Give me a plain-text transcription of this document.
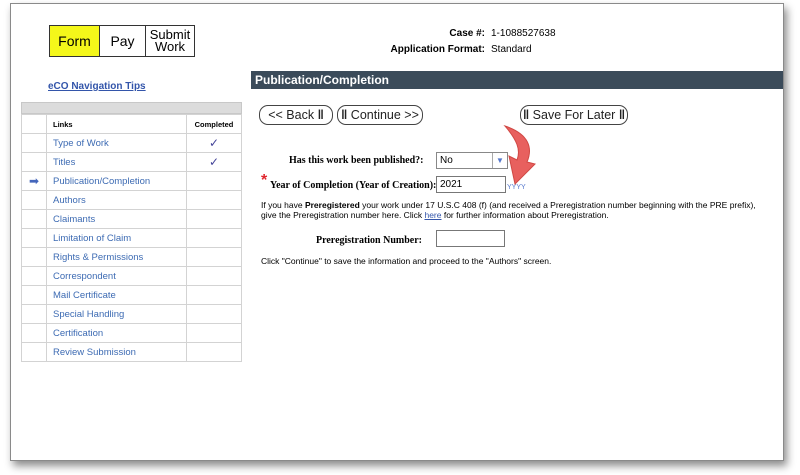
Form	Pay	Submit
Work
eCO Navigation Tips
Case #: 1-1088527638
Application Format: Standard
	Links	Completed
	Type of Work	✓
	Titles	✓
➡	Publication/Completion	
	Authors	
	Claimants	
	Limitation of Claim	
	Rights & Permissions	
	Correspondent	
	Mail Certificate	
	Special Handling	
	Certification	
	Review Submission	
Publication/Completion
<< Back
‖ ‖
Continue >>	‖
Save For Later
‖
Has this work been published?:	No	▼
* Year of Completion (Year of Creation): 2021	YYYY
If you have Preregistered your work under 17 U.S.C 408 (f) (and received a Preregistration number beginning with the PRE prefix), give the Preregistration number here. Click here for further information about Preregistration.
Preregistration Number:
Click "Continue" to save the information and proceed to the "Authors" screen.
